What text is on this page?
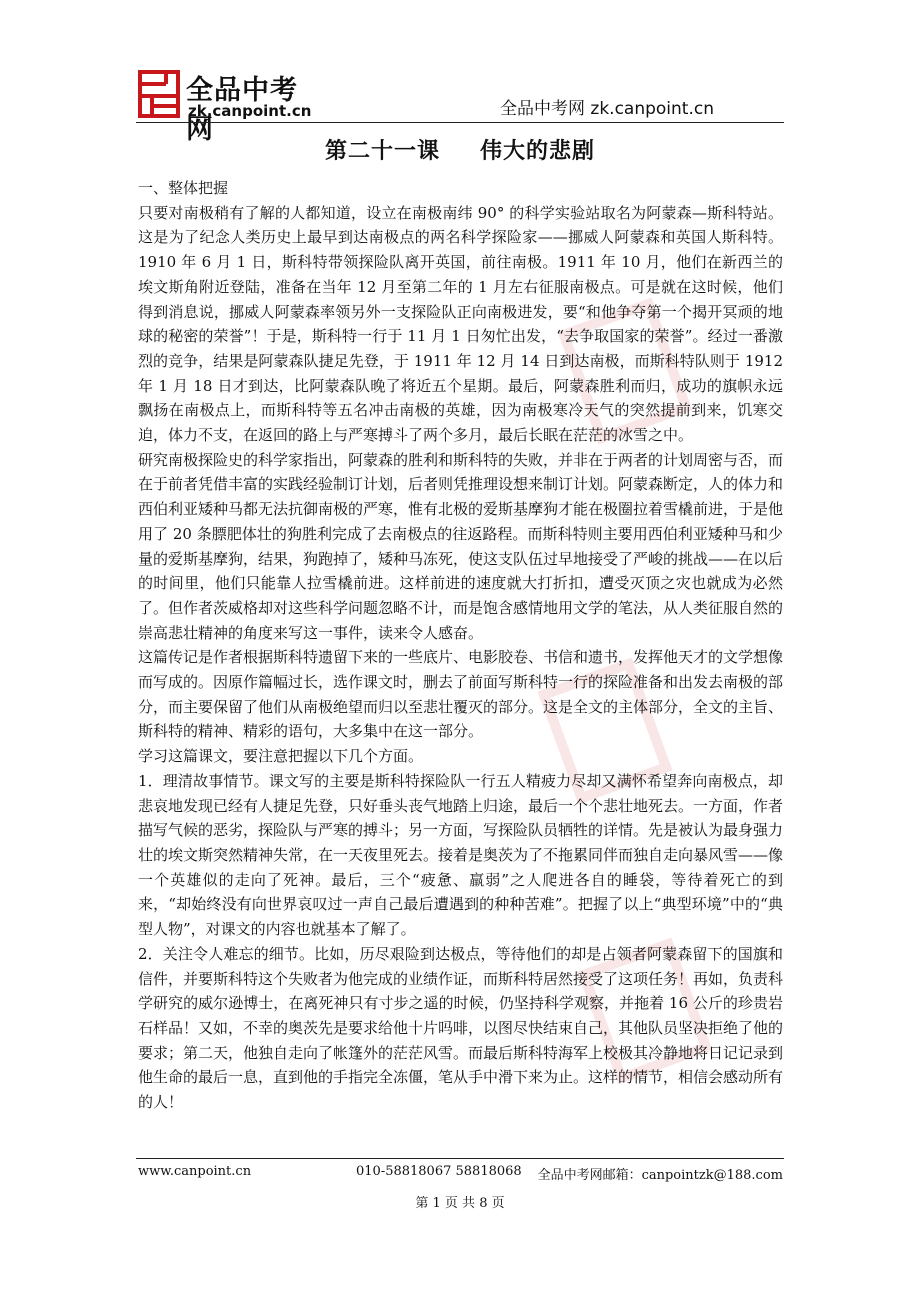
全品中考网
zk.canpoint.cn	全品中考网 zk.canpoint.cn
第二十一课 伟大的悲剧

一、整体把握

只要对南极稍有了解的人都知道，设立在南极南纬 90° 的科学实验站取名为阿蒙森—斯科特站。这是为了纪念人类历史上最早到达南极点的两名科学探险家——挪威人阿蒙森和英国人斯科特。1910 年 6 月 1 日，斯科特带领探险队离开英国，前往南极。1911 年 10 月，他们在新西兰的埃文斯角附近登陆，准备在当年 12 月至第二年的 1 月左右征服南极点。可是就在这时候，他们得到消息说，挪威人阿蒙森率领另外一支探险队正向南极进发，要“和他争夺第一个揭开冥顽的地球的秘密的荣誉”！于是，斯科特一行于 11 月 1 日匆忙出发，“去争取国家的荣誉”。经过一番激烈的竞争，结果是阿蒙森队捷足先登，于 1911 年 12 月 14 日到达南极，而斯科特队则于 1912 年 1 月 18 日才到达，比阿蒙森队晚了将近五个星期。最后，阿蒙森胜利而归，成功的旗帜永远飘扬在南极点上，而斯科特等五名冲击南极的英雄，因为南极寒冷天气的突然提前到来，饥寒交迫，体力不支，在返回的路上与严寒搏斗了两个多月，最后长眠在茫茫的冰雪之中。

研究南极探险史的科学家指出，阿蒙森的胜利和斯科特的失败，并非在于两者的计划周密与否，而在于前者凭借丰富的实践经验制订计划，后者则凭推理设想来制订计划。阿蒙森断定，人的体力和西伯利亚矮种马都无法抗御南极的严寒，惟有北极的爱斯基摩狗才能在极圈拉着雪橇前进，于是他用了 20 条膘肥体壮的狗胜利完成了去南极点的往返路程。而斯科特则主要用西伯利亚矮种马和少量的爱斯基摩狗，结果，狗跑掉了，矮种马冻死，使这支队伍过早地接受了严峻的挑战——在以后的时间里，他们只能靠人拉雪橇前进。这样前进的速度就大打折扣，遭受灭顶之灾也就成为必然了。但作者茨威格却对这些科学问题忽略不计，而是饱含感情地用文学的笔法，从人类征服自然的崇高悲壮精神的角度来写这一事件，读来令人感奋。

这篇传记是作者根据斯科特遗留下来的一些底片、电影胶卷、书信和遗书，发挥他天才的文学想像而写成的。因原作篇幅过长，选作课文时，删去了前面写斯科特一行的探险准备和出发去南极的部分，而主要保留了他们从南极绝望而归以至悲壮覆灭的部分。这是全文的主体部分，全文的主旨、斯科特的精神、精彩的语句，大多集中在这一部分。

学习这篇课文，要注意把握以下几个方面。

1．理清故事情节。课文写的主要是斯科特探险队一行五人精疲力尽却又满怀希望奔向南极点，却悲哀地发现已经有人捷足先登，只好垂头丧气地踏上归途，最后一个个悲壮地死去。一方面，作者描写气候的恶劣，探险队与严寒的搏斗；另一方面，写探险队员牺牲的详情。先是被认为最身强力壮的埃文斯突然精神失常，在一天夜里死去。接着是奥茨为了不拖累同伴而独自走向暴风雪——像一个英雄似的走向了死神。最后，三个“疲惫、羸弱”之人爬进各自的睡袋，等待着死亡的到来，“却始终没有向世界哀叹过一声自己最后遭遇到的种种苦难”。把握了以上“典型环境”中的“典型人物”，对课文的内容也就基本了解了。

2．关注令人难忘的细节。比如，历尽艰险到达极点，等待他们的却是占领者阿蒙森留下的国旗和信件，并要斯科特这个失败者为他完成的业绩作证，而斯科特居然接受了这项任务！再如，负责科学研究的威尔逊博士，在离死神只有寸步之遥的时候，仍坚持科学观察，并拖着 16 公斤的珍贵岩石样品！又如，不幸的奥茨先是要求给他十片吗啡，以图尽快结束自己，其他队员坚决拒绝了他的要求；第二天，他独自走向了帐篷外的茫茫风雪。而最后斯科特海军上校极其冷静地将日记记录到他生命的最后一息，直到他的手指完全冻僵，笔从手中滑下来为止。这样的情节，相信会感动所有的人！

www.canpoint.cn	010-58818067 58818068 全品中考网邮箱：canpointzk@188.com
第 1 页 共 8 页
